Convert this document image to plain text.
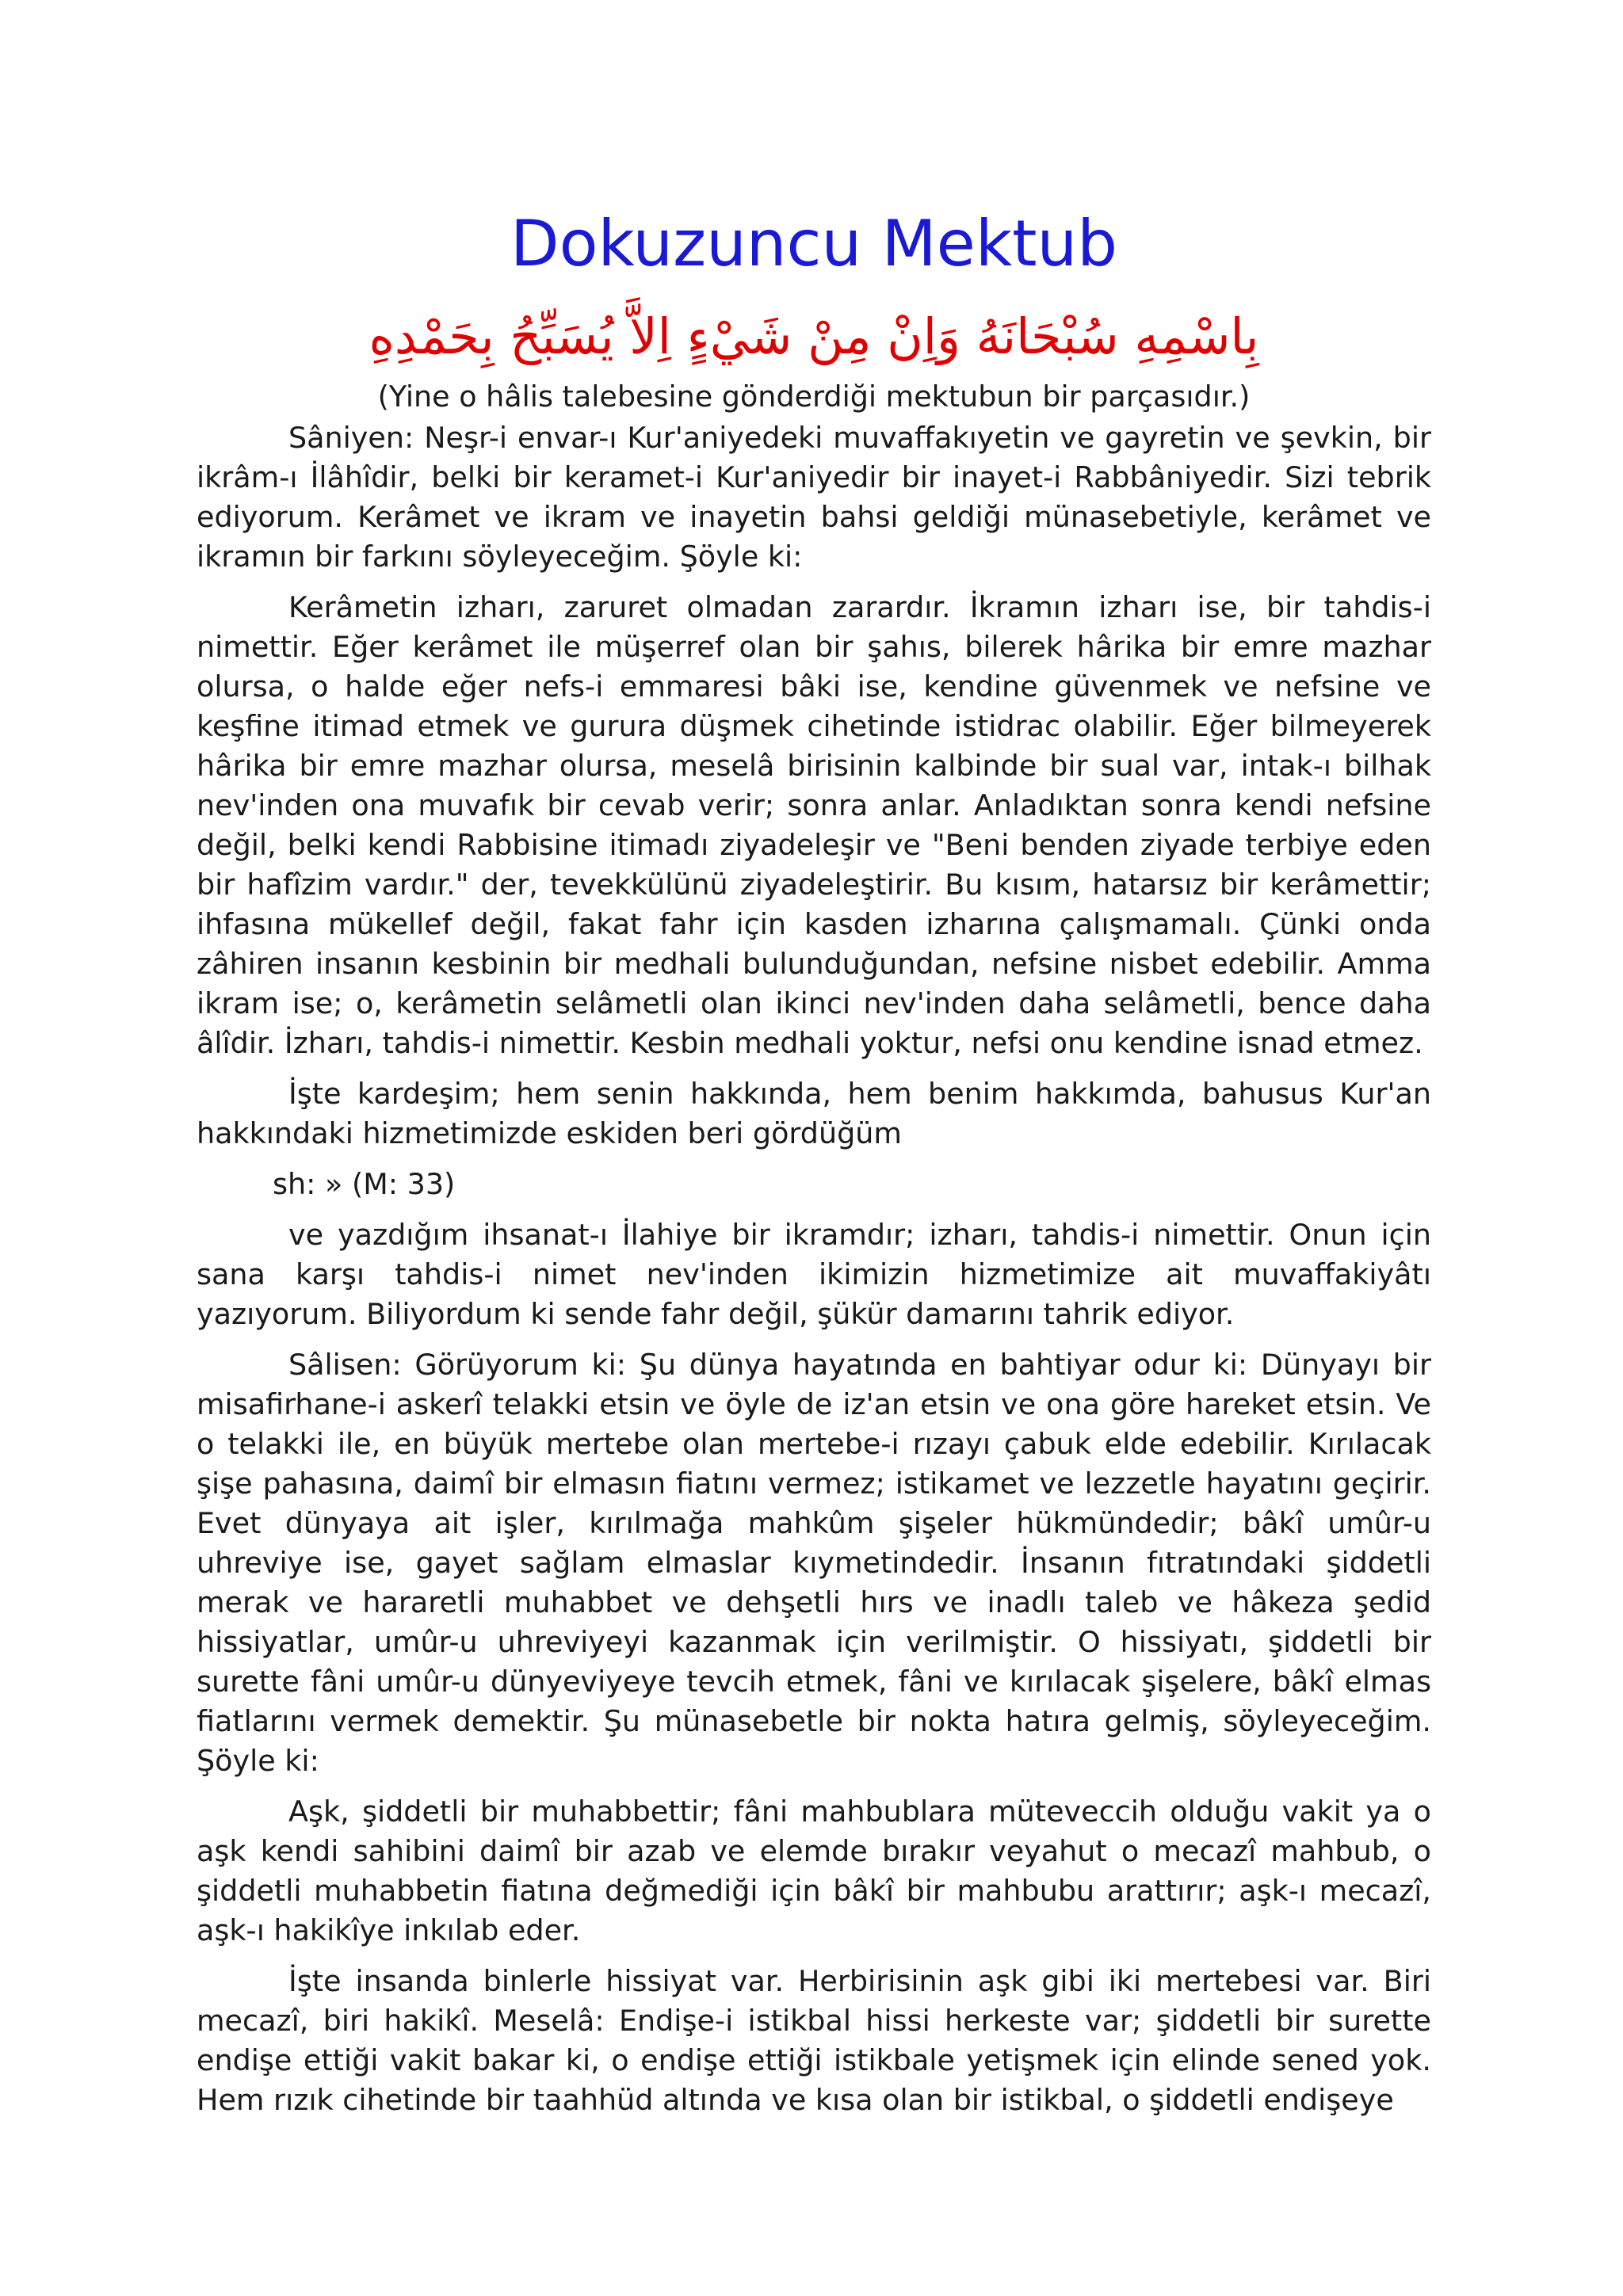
Dokuzuncu Mektub
بِاسْمِهِ سُبْحَانَهُ وَاِنْ مِنْ شَيْءٍ اِلاَّ يُسَبِّحُ بِحَمْدِهِ
(Yine o hâlis talebesine gönderdiği mektubun bir parçasıdır.)

Sâniyen: Neşr-i envar-ı Kur'aniyedeki muvaffakıyetin ve gayretin ve şevkin, bir ikrâm-ı İlâhîdir, belki bir keramet-i Kur'aniyedir bir inayet-i Rabbâniyedir. Sizi tebrik ediyorum. Kerâmet ve ikram ve inayetin bahsi geldiği münasebetiyle, kerâmet ve ikramın bir farkını söyleyeceğim. Şöyle ki:

Kerâmetin izharı, zaruret olmadan zarardır. İkramın izharı ise, bir tahdis-i nimettir. Eğer kerâmet ile müşerref olan bir şahıs, bilerek hârika bir emre mazhar olursa, o halde eğer nefs-i emmaresi bâki ise, kendine güvenmek ve nefsine ve keşfine itimad etmek ve gurura düşmek cihetinde istidrac olabilir. Eğer bilmeyerek hârika bir emre mazhar olursa, meselâ birisinin kalbinde bir sual var, intak-ı bilhak nev'inden ona muvafık bir cevab verir; sonra anlar. Anladıktan sonra kendi nefsine değil, belki kendi Rabbisine itimadı ziyadeleşir ve "Beni benden ziyade terbiye eden bir hafîzim vardır." der, tevekkülünü ziyadeleştirir. Bu kısım, hatarsız bir kerâmettir; ihfasına mükellef değil, fakat fahr için kasden izharına çalışmamalı. Çünki onda zâhiren insanın kesbinin bir medhali bulunduğundan, nefsine nisbet edebilir. Amma ikram ise; o, kerâmetin selâmetli olan ikinci nev'inden daha selâmetli, bence daha âlîdir. İzharı, tahdis-i nimettir. Kesbin medhali yoktur, nefsi onu kendine isnad etmez.

İşte kardeşim; hem senin hakkında, hem benim hakkımda, bahusus Kur'an hakkındaki hizmetimizde eskiden beri gördüğüm

sh: » (M: 33)

ve yazdığım ihsanat-ı İlahiye bir ikramdır; izharı, tahdis-i nimettir. Onun için sana karşı tahdis-i nimet nev'inden ikimizin hizmetimize ait muvaffakiyâtı yazıyorum. Biliyordum ki sende fahr değil, şükür damarını tahrik ediyor.

Sâlisen: Görüyorum ki: Şu dünya hayatında en bahtiyar odur ki: Dünyayı bir misafirhane-i askerî telakki etsin ve öyle de iz'an etsin ve ona göre hareket etsin. Ve o telakki ile, en büyük mertebe olan mertebe-i rızayı çabuk elde edebilir. Kırılacak şişe pahasına, daimî bir elmasın fiatını vermez; istikamet ve lezzetle hayatını geçirir. Evet dünyaya ait işler, kırılmağa mahkûm şişeler hükmündedir; bâkî umûr-u uhreviye ise, gayet sağlam elmaslar kıymetindedir. İnsanın fıtratındaki şiddetli merak ve hararetli muhabbet ve dehşetli hırs ve inadlı taleb ve hâkeza şedid hissiyatlar, umûr-u uhreviyeyi kazanmak için verilmiştir. O hissiyatı, şiddetli bir surette fâni umûr-u dünyeviyeye tevcih etmek, fâni ve kırılacak şişelere, bâkî elmas fiatlarını vermek demektir. Şu münasebetle bir nokta hatıra gelmiş, söyleyeceğim. Şöyle ki:

Aşk, şiddetli bir muhabbettir; fâni mahbublara müteveccih olduğu vakit ya o aşk kendi sahibini daimî bir azab ve elemde bırakır veyahut o mecazî mahbub, o şiddetli muhabbetin fiatına değmediği için bâkî bir mahbubu arattırır; aşk-ı mecazî, aşk-ı hakikîye inkılab eder.

İşte insanda binlerle hissiyat var. Herbirisinin aşk gibi iki mertebesi var. Biri mecazî, biri hakikî. Meselâ: Endişe-i istikbal hissi herkeste var; şiddetli bir surette endişe ettiği vakit bakar ki, o endişe ettiği istikbale yetişmek için elinde sened yok. Hem rızık cihetinde bir taahhüd altında ve kısa olan bir istikbal, o şiddetli endişeye
